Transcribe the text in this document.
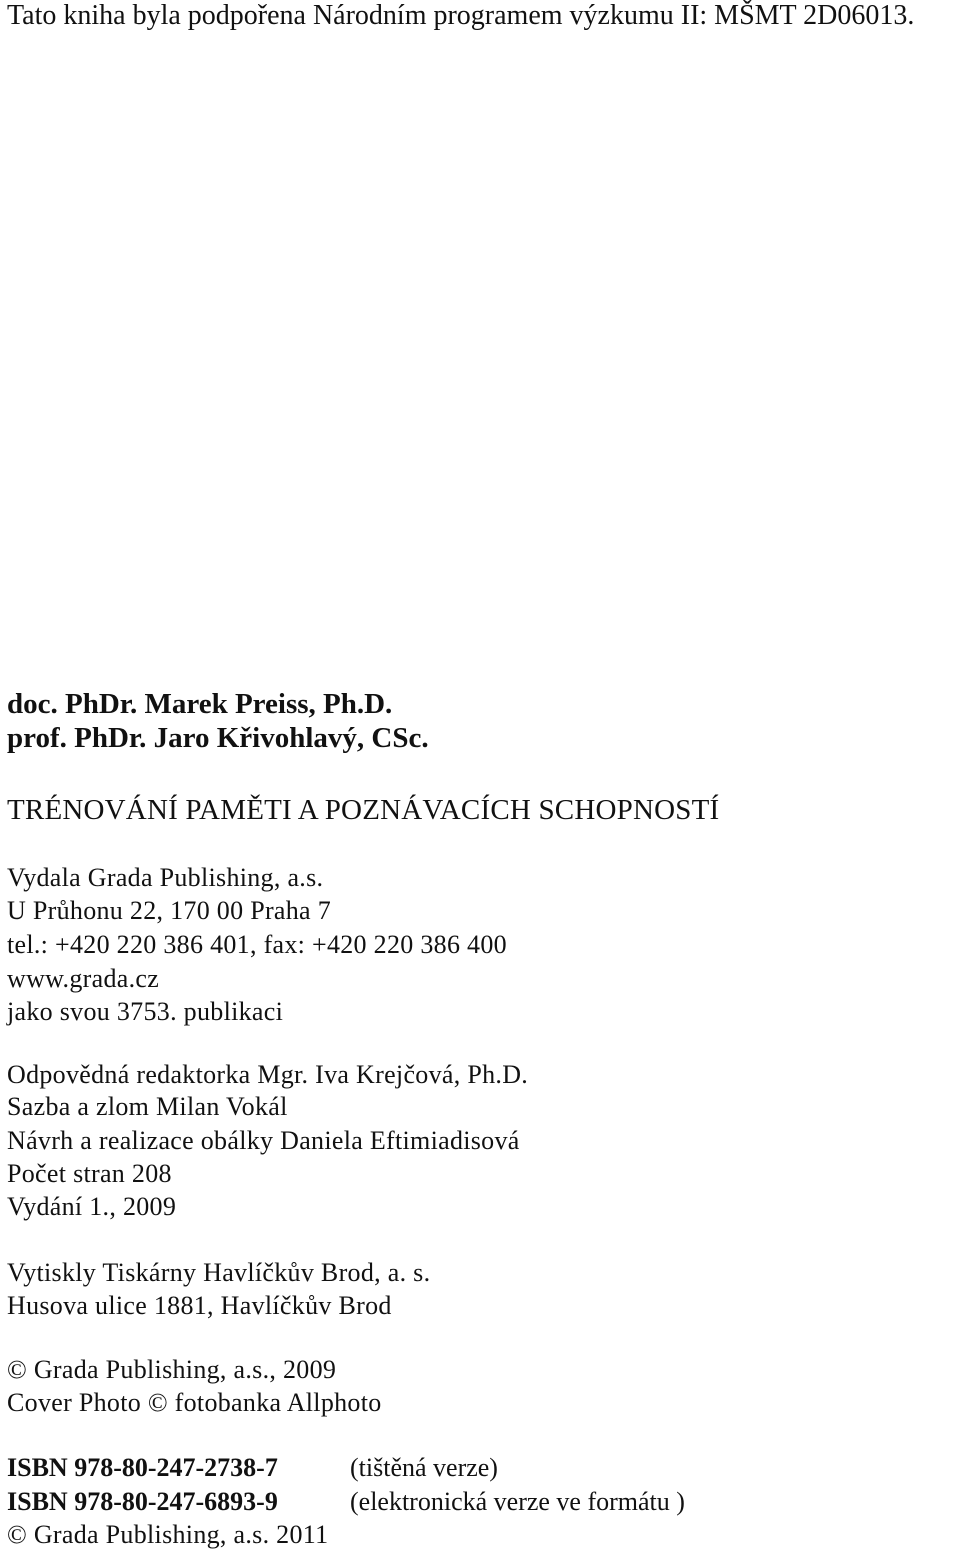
Tato kniha byla podpořena Národním programem výzkumu II: MŠMT 2D06013.
doc. PhDr. Marek Preiss, Ph.D.
prof. PhDr. Jaro Křivohlavý, CSc.
TRÉNOVÁNÍ PAMĚTI A POZNÁVACÍCH SCHOPNOSTÍ
Vydala Grada Publishing, a.s.
U Průhonu 22, 170 00 Praha 7
tel.: +420 220 386 401, fax: +420 220 386 400
www.grada.cz
jako svou 3753. publikaci
Odpovědná redaktorka Mgr. Iva Krejčová, Ph.D.
Sazba a zlom Milan Vokál
Návrh a realizace obálky Daniela Eftimiadisová
Počet stran 208
Vydání 1., 2009
Vytiskly Tiskárny Havlíčkův Brod, a. s.
Husova ulice 1881, Havlíčkův Brod
© Grada Publishing, a.s., 2009
Cover Photo © fotobanka Allphoto
ISBN 978-80-247-2738-7	(tištěná verze)
ISBN 978-80-247-6893-9	(elektronická verze ve formátu )
© Grada Publishing, a.s. 2011
